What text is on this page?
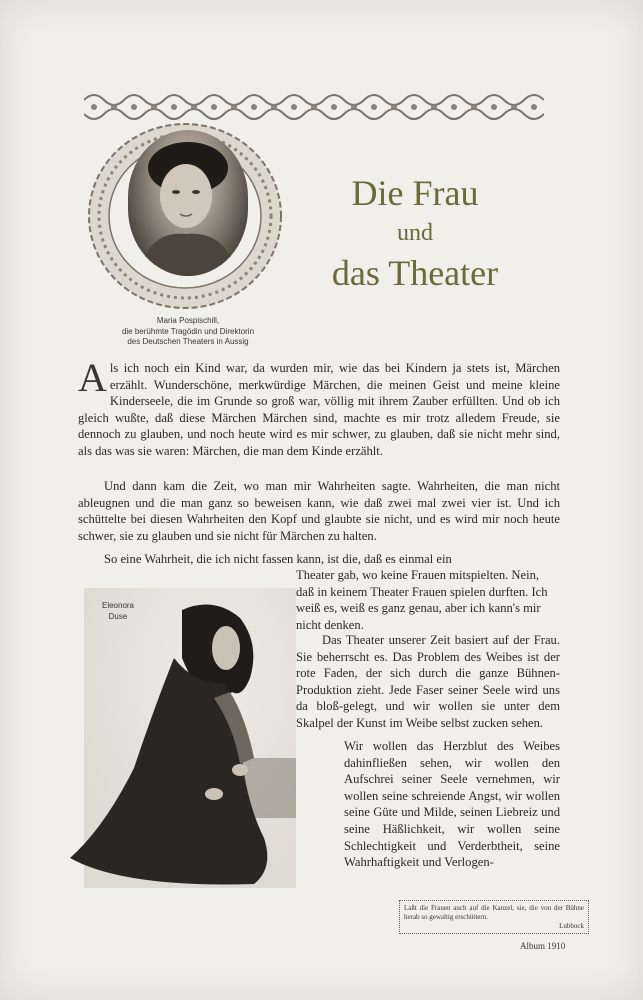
Maria Pospischill,
die berühmte Tragödin und Direktorin
des Deutschen Theaters in Aussig
Die Frau
und
das Theater
Als ich noch ein Kind war, da wurden mir, wie das bei Kindern ja stets ist, Märchen erzählt. Wunderschöne, merkwürdige Märchen, die meinen Geist und meine kleine Kinderseele, die im Grunde so groß war, völlig mit ihrem Zauber erfüllten. Und ob ich gleich wußte, daß diese Märchen Märchen sind, machte es mir trotz alledem Freude, sie dennoch zu glauben, und noch heute wird es mir schwer, zu glauben, daß sie nicht mehr sind, als das was sie waren: Märchen, die man dem Kinde erzählt.
Und dann kam die Zeit, wo man mir Wahrheiten sagte. Wahrheiten, die man nicht ableugnen und die man ganz so beweisen kann, wie daß zwei mal zwei vier ist. Und ich schüttelte bei diesen Wahrheiten den Kopf und glaubte sie nicht, und es wird mir noch heute schwer, sie zu glauben und sie nicht für Märchen zu halten.
So eine Wahrheit, die ich nicht fassen kann, ist die, daß es einmal ein
Theater gab, wo keine Frauen mitspielten. Nein, daß in keinem Theater Frauen spielen durften. Ich weiß es, weiß es ganz genau, aber ich kann's mir nicht denken.
Das Theater unserer Zeit basiert auf der Frau. Sie beherrscht es. Das Problem des Weibes ist der rote Faden, der sich durch die ganze Bühnen-Produktion zieht. Jede Faser seiner Seele wird uns da bloß-gelegt, und wir wollen sie unter dem Skalpel der Kunst im Weibe selbst zucken sehen.
Wir wollen das Herzblut des Weibes dahinfließen sehen, wir wollen den Aufschrei seiner Seele vernehmen, wir wollen seine schreiende Angst, wir wollen seine Güte und Milde, seinen Liebreiz und seine Häßlichkeit, wir wollen seine Schlechtigkeit und Verderbtheit, seine Wahrhaftigkeit und Verlogen-
Eleonora
Duse
Laßt die Frauen auch auf die Kanzel, sie, die von der Bühne herab so gewaltig erschüttern.
Lubbock
Album 1910
